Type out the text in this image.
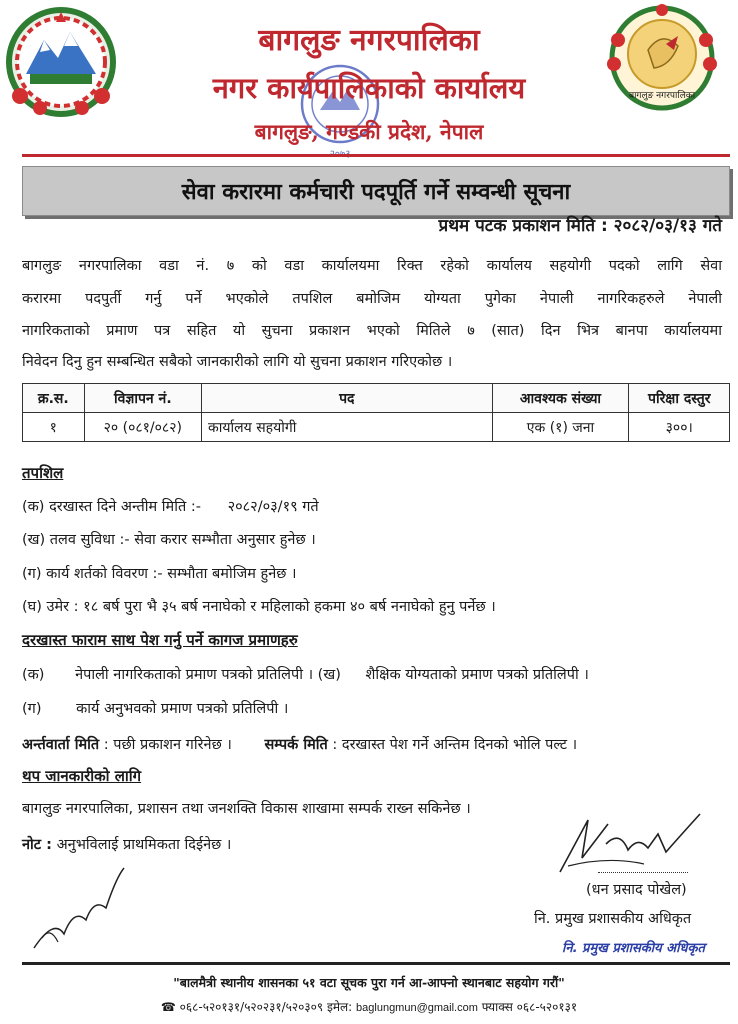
बागलुङ नगरपालिका
बागलुङ नगरपालिका
नगर कार्यपालिकाको कार्यालय
बागलुङ, गण्डकी प्रदेश, नेपाल
सेवा करारमा कर्मचारी पदपूर्ति गर्ने सम्वन्धी सूचना
प्रथम पटक प्रकाशन मिति : २०८२/०३/१३ गते
बागलुङ नगरपालिका वडा नं. ७ को वडा कार्यालयमा रिक्त रहेको कार्यालय सहयोगी पदको लागि सेवा
करारमा पदपुर्ती गर्नु पर्ने भएकोले तपशिल बमोजिम योग्यता पुगेका नेपाली नागरिकहरुले नेपाली
नागरिकताको प्रमाण पत्र सहित यो सुचना प्रकाशन भएको मितिले ७ (सात) दिन भित्र बानपा कार्यालयमा
निवेदन दिनु हुन सम्बन्धित सबैको जानकारीको लागि यो सुचना प्रकाशन गरिएकोछ ।
क्र.स.	विज्ञापन नं.	पद	आवश्यक संख्या	परिक्षा दस्तुर
१	२० (०८१/०८२)	कार्यालय सहयोगी	एक (१) जना	३००।
तपशिल
(क) दरखास्त दिने अन्तीम मिति :- २०८२/०३/१९ गते
(ख) तलव सुविधा :- सेवा करार सम्भौता अनुसार हुनेछ ।
(ग) कार्य शर्तको विवरण :- सम्भौता बमोजिम हुनेछ ।
(घ) उमेर : १८ बर्ष पुरा भै ३५ बर्ष ननाघेको र महिलाको हकमा ४० बर्ष ननाघेको हुनु पर्नेछ ।
दरखास्त फाराम साथ पेश गर्नु पर्ने कागज प्रमाणहरु
(क) नेपाली नागरिकताको प्रमाण पत्रको प्रतिलिपी । (ख) शैक्षिक योग्यताको प्रमाण पत्रको प्रतिलिपी ।
(ग) कार्य अनुभवको प्रमाण पत्रको प्रतिलिपी ।
अर्न्तवार्ता मिति : पछी प्रकाशन गरिनेछ । सम्पर्क मिति : दरखास्त पेश गर्ने अन्तिम दिनको भोलि पल्ट ।
थप जानकारीको लागि
बागलुङ नगरपालिका, प्रशासन तथा जनशक्ति विकास शाखामा सम्पर्क राख्न सकिनेछ ।
नोट : अनुभविलाई प्राथमिकता दिईनेछ ।
(धन प्रसाद पोखेल)
नि. प्रमुख प्रशासकीय अधिकृत
नि. प्रमुख प्रशासकीय अधिकृत
"बालमैत्री स्थानीय शासनका ५१ वटा सूचक पुरा गर्न आ-आफ्नो स्थानबाट सहयोग गरौं"
☎ ०६८-५२०१३१/५२०२३१/५२०३०९ इमेल: baglungmun@gmail.com फ्याक्स ०६८-५२०१३१
